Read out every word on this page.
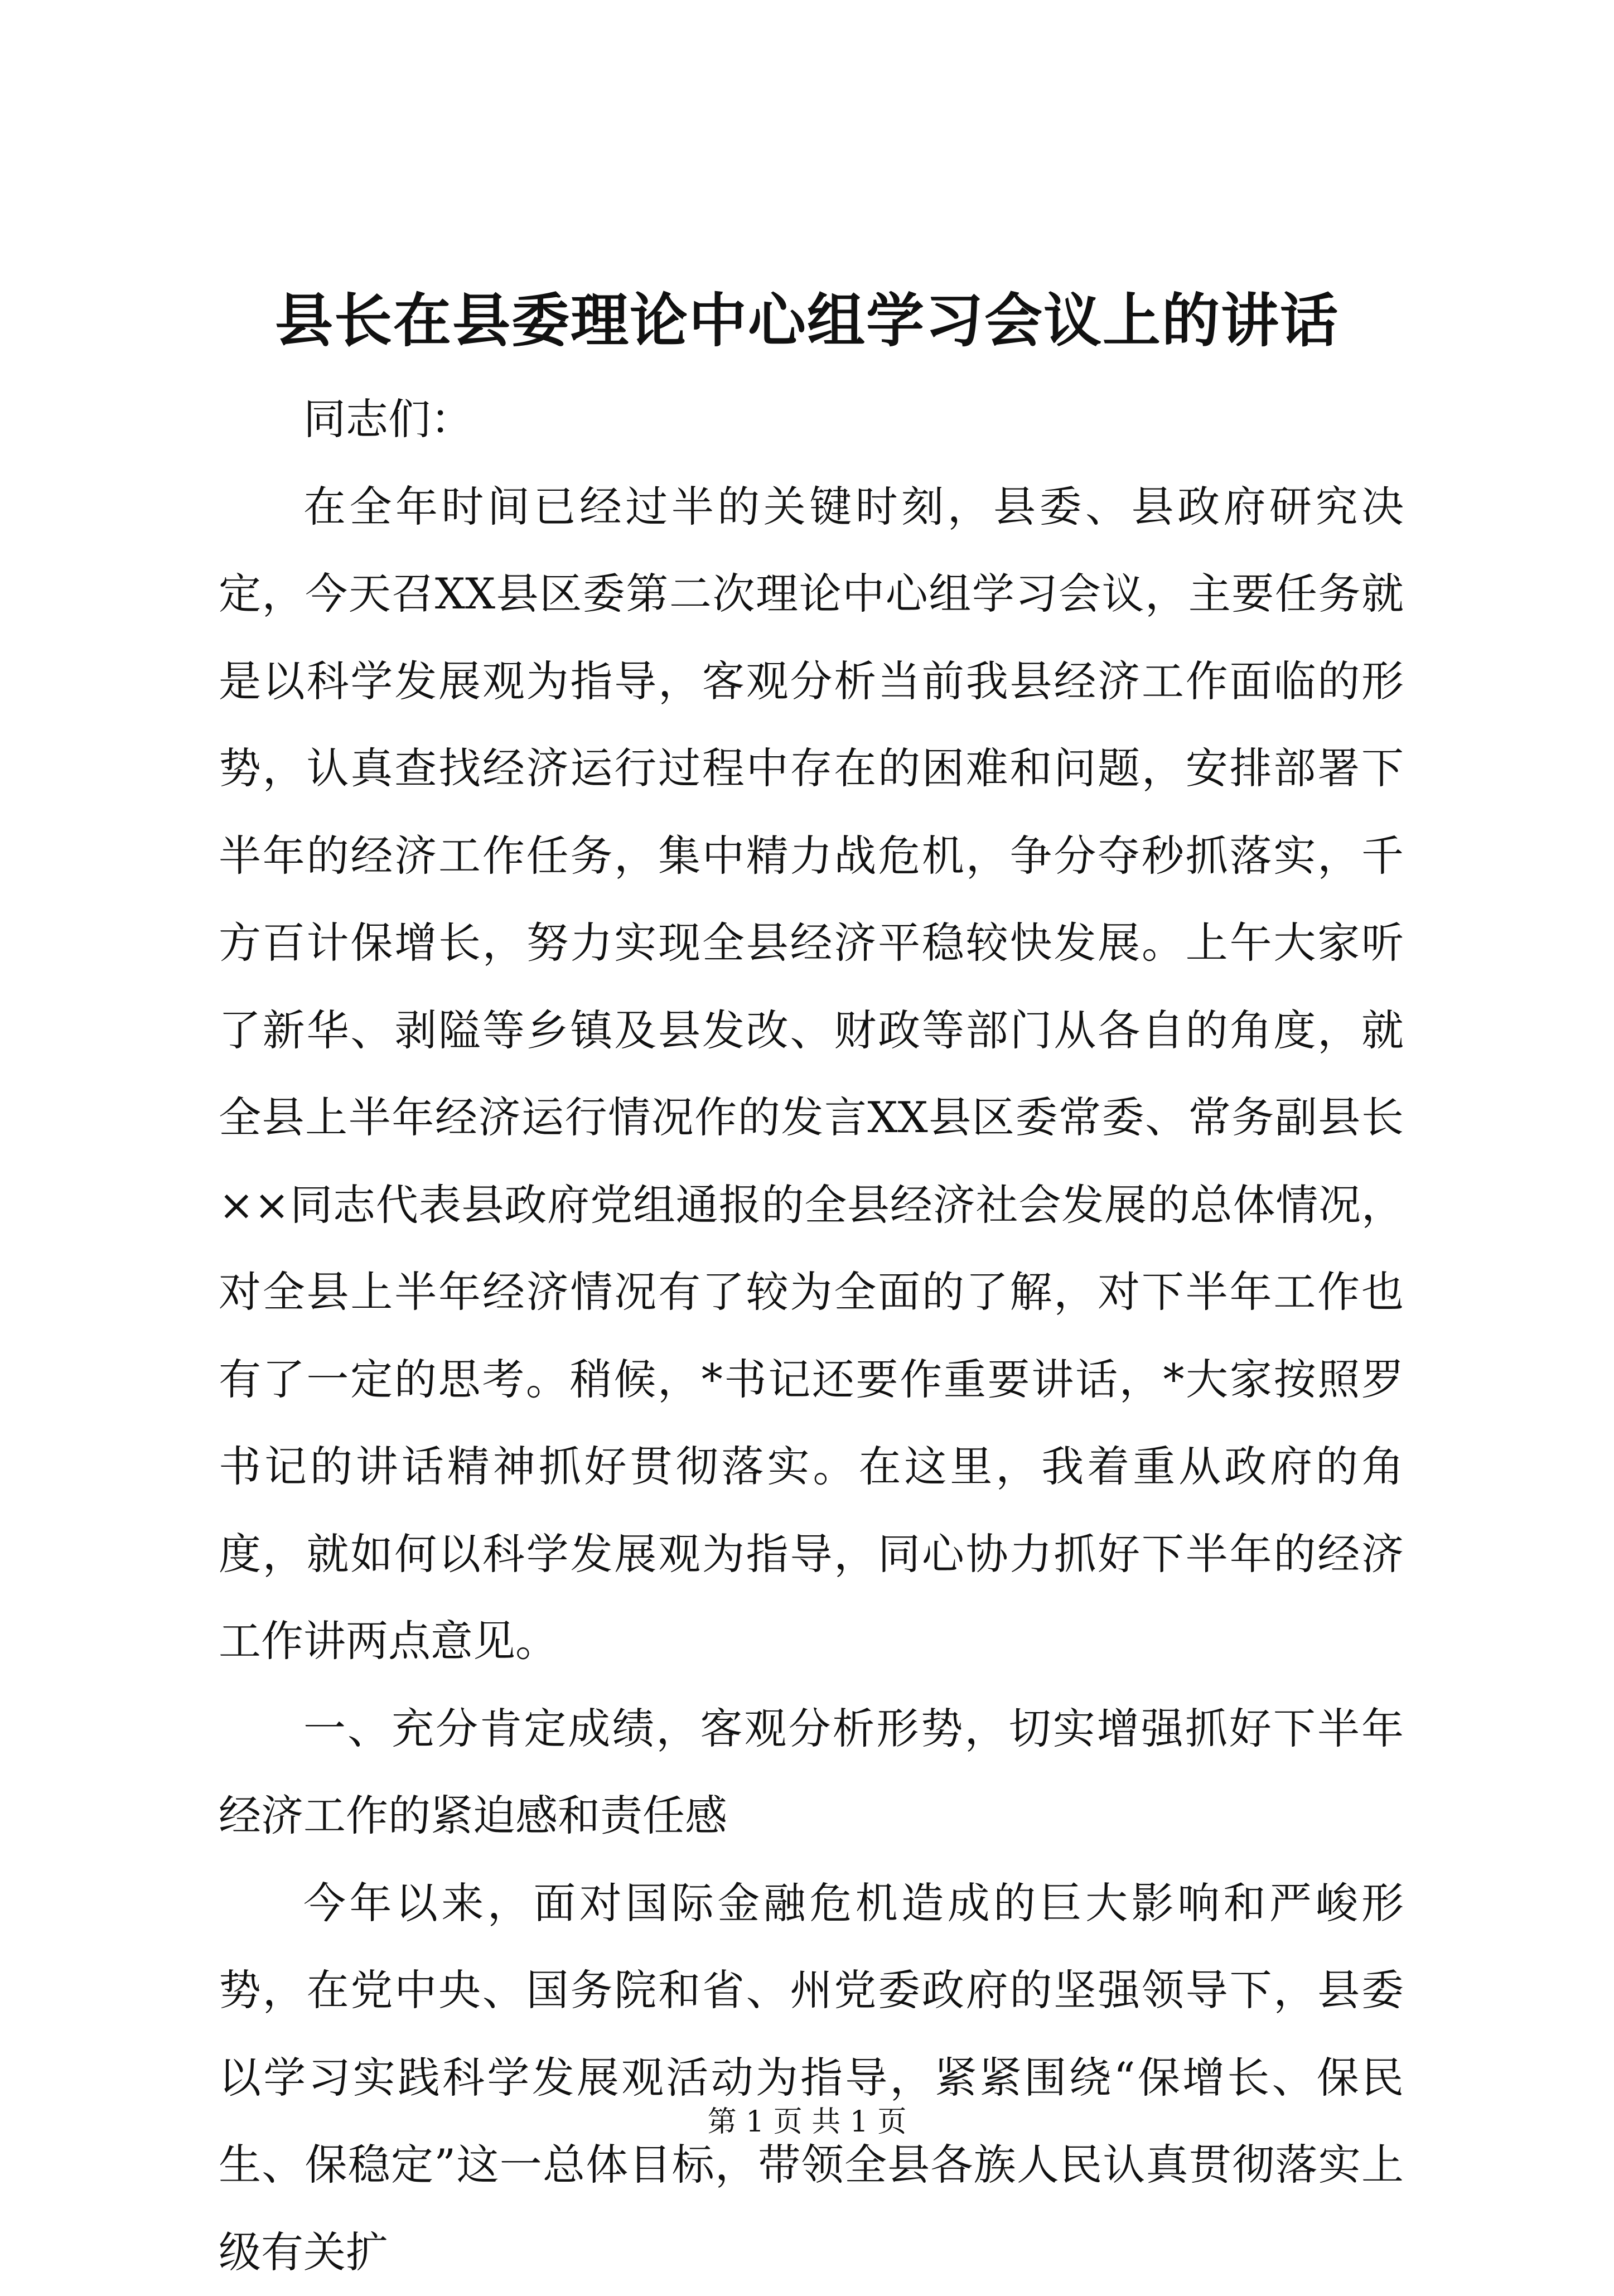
县长在县委理论中心组学习会议上的讲话

同志们：

在全年时间已经过半的关键时刻，县委、县政府研究决定，今天召XX县区委第二次理论中心组学习会议，主要任务就是以科学发展观为指导，客观分析当前我县经济工作面临的形势，认真查找经济运行过程中存在的困难和问题，安排部署下半年的经济工作任务，集中精力战危机，争分夺秒抓落实，千方百计保增长，努力实现全县经济平稳较快发展。上午大家听了新华、剥隘等乡镇及县发改、财政等部门从各自的角度，就全县上半年经济运行情况作的发言XX县区委常委、常务副县长××同志代表县政府党组通报的全县经济社会发展的总体情况，对全县上半年经济情况有了较为全面的了解，对下半年工作也有了一定的思考。稍候，*书记还要作重要讲话，*大家按照罗书记的讲话精神抓好贯彻落实。在这里，我着重从政府的角度，就如何以科学发展观为指导，同心协力抓好下半年的经济工作讲两点意见。

一、充分肯定成绩，客观分析形势，切实增强抓好下半年经济工作的紧迫感和责任感

今年以来，面对国际金融危机造成的巨大影响和严峻形势，在党中央、国务院和省、州党委政府的坚强领导下，县委以学习实践科学发展观活动为指导，紧紧围绕“保增长、保民生、保稳定”这一总体目标，带领全县各族人民认真贯彻落实上级有关扩

第 1 页 共 1 页
